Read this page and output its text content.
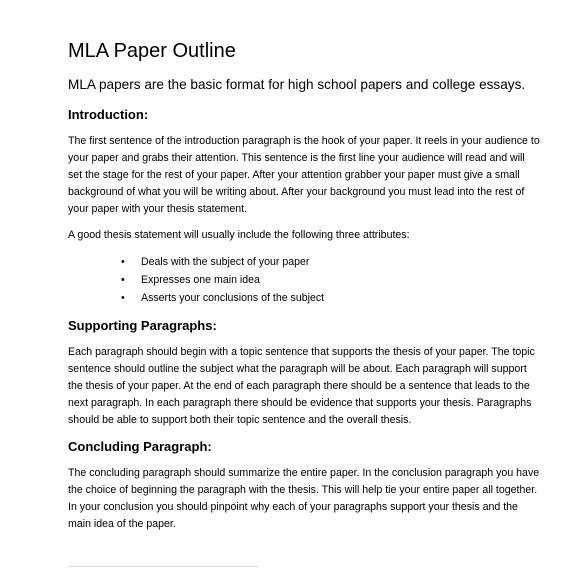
MLA Paper Outline

MLA papers are the basic format for high school papers and college essays.

Introduction:

The first sentence of the introduction paragraph is the hook of your paper. It reels in your audience to your paper and grabs their attention. This sentence is the first line your audience will read and will set the stage for the rest of your paper. After your attention grabber your paper must give a small background of what you will be writing about. After your background you must lead into the rest of your paper with your thesis statement.

A good thesis statement will usually include the following three attributes:

• Deals with the subject of your paper
• Expresses one main idea
• Asserts your conclusions of the subject
Supporting Paragraphs:

Each paragraph should begin with a topic sentence that supports the thesis of your paper. The topic sentence should outline the subject what the paragraph will be about. Each paragraph will support the thesis of your paper. At the end of each paragraph there should be a sentence that leads to the next paragraph. In each paragraph there should be evidence that supports your thesis. Paragraphs should be able to support both their topic sentence and the overall thesis.

Concluding Paragraph:

The concluding paragraph should summarize the entire paper. In the conclusion paragraph you have the choice of beginning the paragraph with the thesis. This will help tie your entire paper all together. In your conclusion you should pinpoint why each of your paragraphs support your thesis and the main idea of the paper.
